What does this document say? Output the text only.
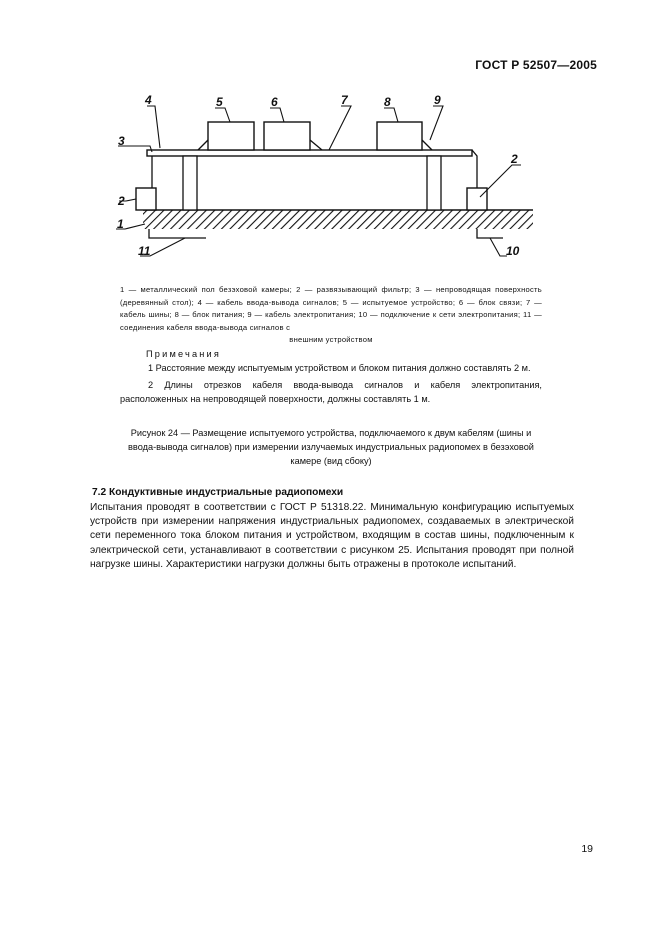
ГОСТ Р 52507—2005
4
3
5	6	7	8	9
2
2
1
11	10
1 — металлический пол безэховой камеры; 2 — развязывающий фильтр; 3 — непроводящая поверхность (деревянный стол); 4 — кабель ввода-вывода сигналов; 5 — испытуемое устройство; 6 — блок связи; 7 — кабель шины; 8 — блок питания; 9 — кабель электропитания; 10 — подключение к сети электропитания; 11 — соединения кабеля ввода-вывода сигналов с
внешним устройством
Примечания

1 Расстояние между испытуемым устройством и блоком питания должно составлять 2 м.

2 Длины отрезков кабеля ввода-вывода сигналов и кабеля электропитания, расположенных на непроводящей поверхности, должны составлять 1 м.

Рисунок 24 — Размещение испытуемого устройства, подключаемого к двум кабелям (шины и ввода-вывода сигналов) при измерении излучаемых индустриальных радиопомех в безэховой камере (вид сбоку)
7.2 Кондуктивные индустриальные радиопомехи
Испытания проводят в соответствии с ГОСТ Р 51318.22. Минимальную конфигурацию испытуемых устройств при измерении напряжения индустриальных радиопомех, создаваемых в электрической сети переменного тока блоком питания и устройством, входящим в состав шины, подключенным к электрической сети, устанавливают в соответствии с рисунком 25. Испытания проводят при полной нагрузке шины. Характеристики нагрузки должны быть отражены в протоколе испытаний.
19
